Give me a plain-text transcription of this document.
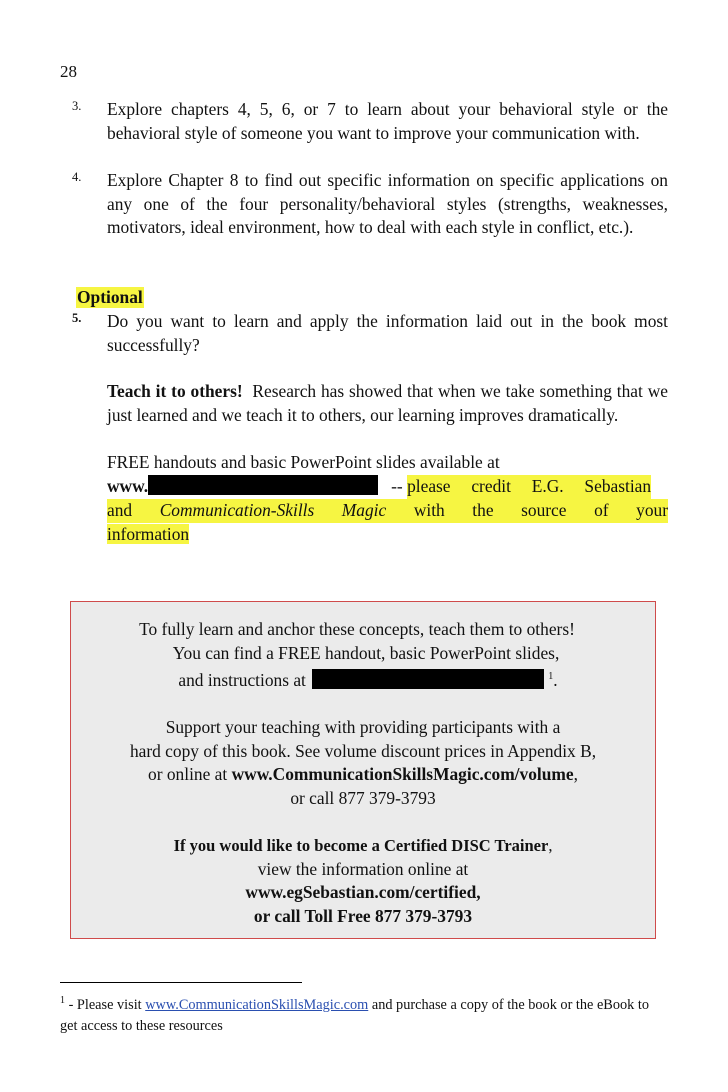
28
3. Explore chapters 4, 5, 6, or 7 to learn about your behavioral style or the behavioral style of someone you want to improve your communication with.
4. Explore Chapter 8 to find out specific information on specific applications on any one of the four personality/behavioral styles (strengths, weaknesses, motivators, ideal environment, how to deal with each style in conflict, etc.).
Optional
5. Do you want to learn and apply the information laid out in the book most successfully?
Teach it to others! Research has showed that when we take something that we just learned and we teach it to others, our learning improves dramatically.
FREE handouts and basic PowerPoint slides available at
www.	-- please credit E.G. Sebastian
and Communication-Skills Magic with the source of your
information

To fully learn and anchor these concepts, teach them to others!

You can find a FREE handout, basic PowerPoint slides,

and instructions at	$^1$.

Support your teaching with providing participants with a

hard copy of this book. See volume discount prices in Appendix B,

or online at www.CommunicationSkillsMagic.com/volume,

or call 877 379-3793

If you would like to become a Certified DISC Trainer,

view the information online at

www.egSebastian.com/certified,

or call Toll Free 877 379-3793

$^1$ - Please visit www.CommunicationSkillsMagic.com and purchase a copy of the book or the eBook to get access to these resources
